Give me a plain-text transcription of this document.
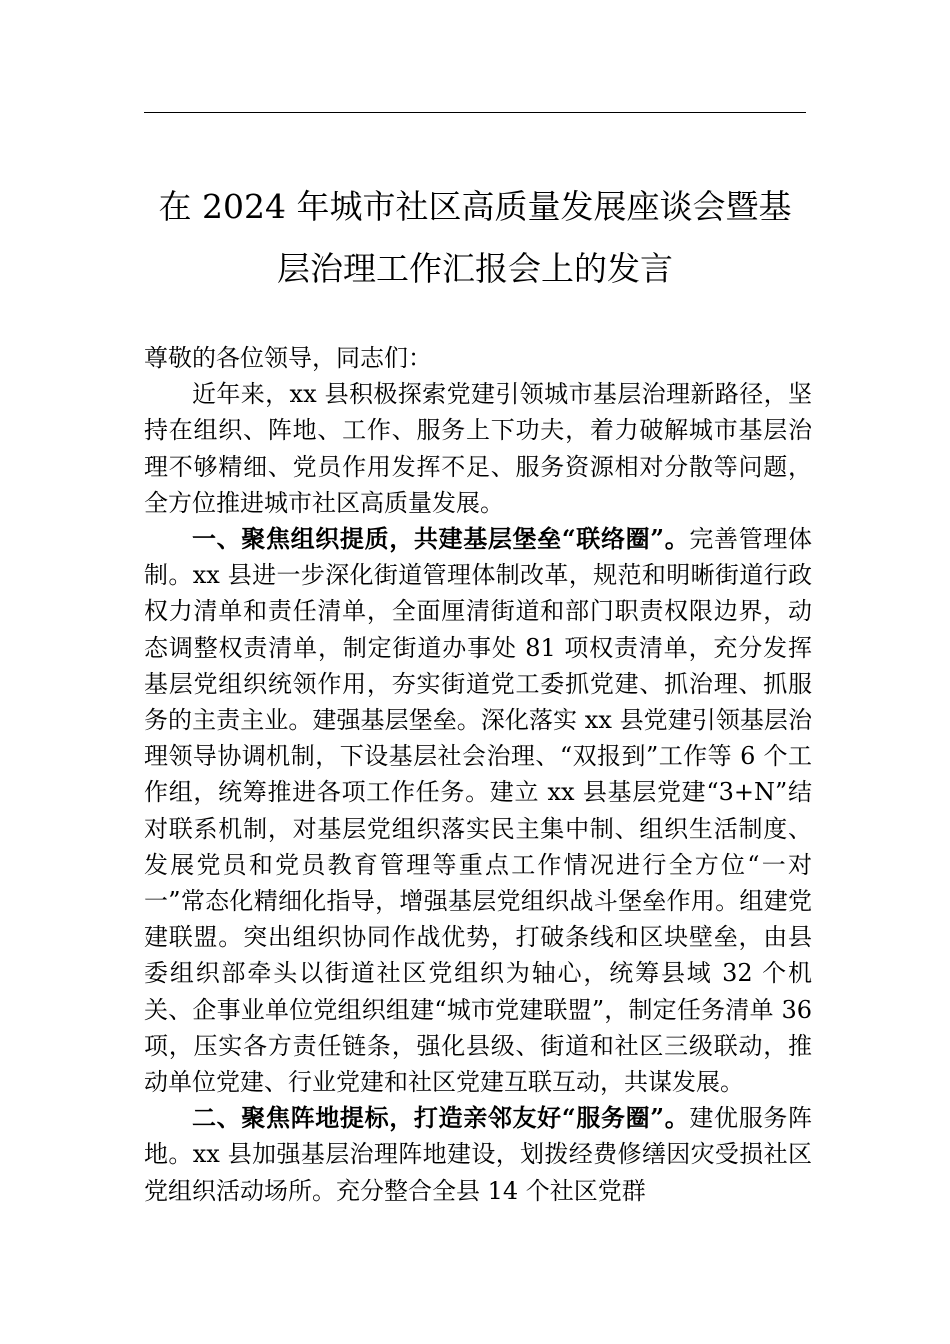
在 2024 年城市社区高质量发展座谈会暨基
层治理工作汇报会上的发言

尊敬的各位领导，同志们：

近年来，xx 县积极探索党建引领城市基层治理新路径，坚持在组织、阵地、工作、服务上下功夫，着力破解城市基层治理不够精细、党员作用发挥不足、服务资源相对分散等问题，全方位推进城市社区高质量发展。

一、聚焦组织提质，共建基层堡垒“联络圈”。完善管理体制。xx 县进一步深化街道管理体制改革，规范和明晰街道行政权力清单和责任清单，全面厘清街道和部门职责权限边界，动态调整权责清单，制定街道办事处 81 项权责清单，充分发挥基层党组织统领作用，夯实街道党工委抓党建、抓治理、抓服务的主责主业。建强基层堡垒。深化落实 xx 县党建引领基层治理领导协调机制，下设基层社会治理、“双报到”工作等 6 个工作组，统筹推进各项工作任务。建立 xx 县基层党建“3+N”结对联系机制，对基层党组织落实民主集中制、组织生活制度、发展党员和党员教育管理等重点工作情况进行全方位“一对一”常态化精细化指导，增强基层党组织战斗堡垒作用。组建党建联盟。突出组织协同作战优势，打破条线和区块壁垒，由县委组织部牵头以街道社区党组织为轴心，统筹县域 32 个机关、企事业单位党组织组建“城市党建联盟”，制定任务清单 36 项，压实各方责任链条，强化县级、街道和社区三级联动，推动单位党建、行业党建和社区党建互联互动，共谋发展。

二、聚焦阵地提标，打造亲邻友好“服务圈”。建优服务阵地。xx 县加强基层治理阵地建设，划拨经费修缮因灾受损社区党组织活动场所。充分整合全县 14 个社区党群
